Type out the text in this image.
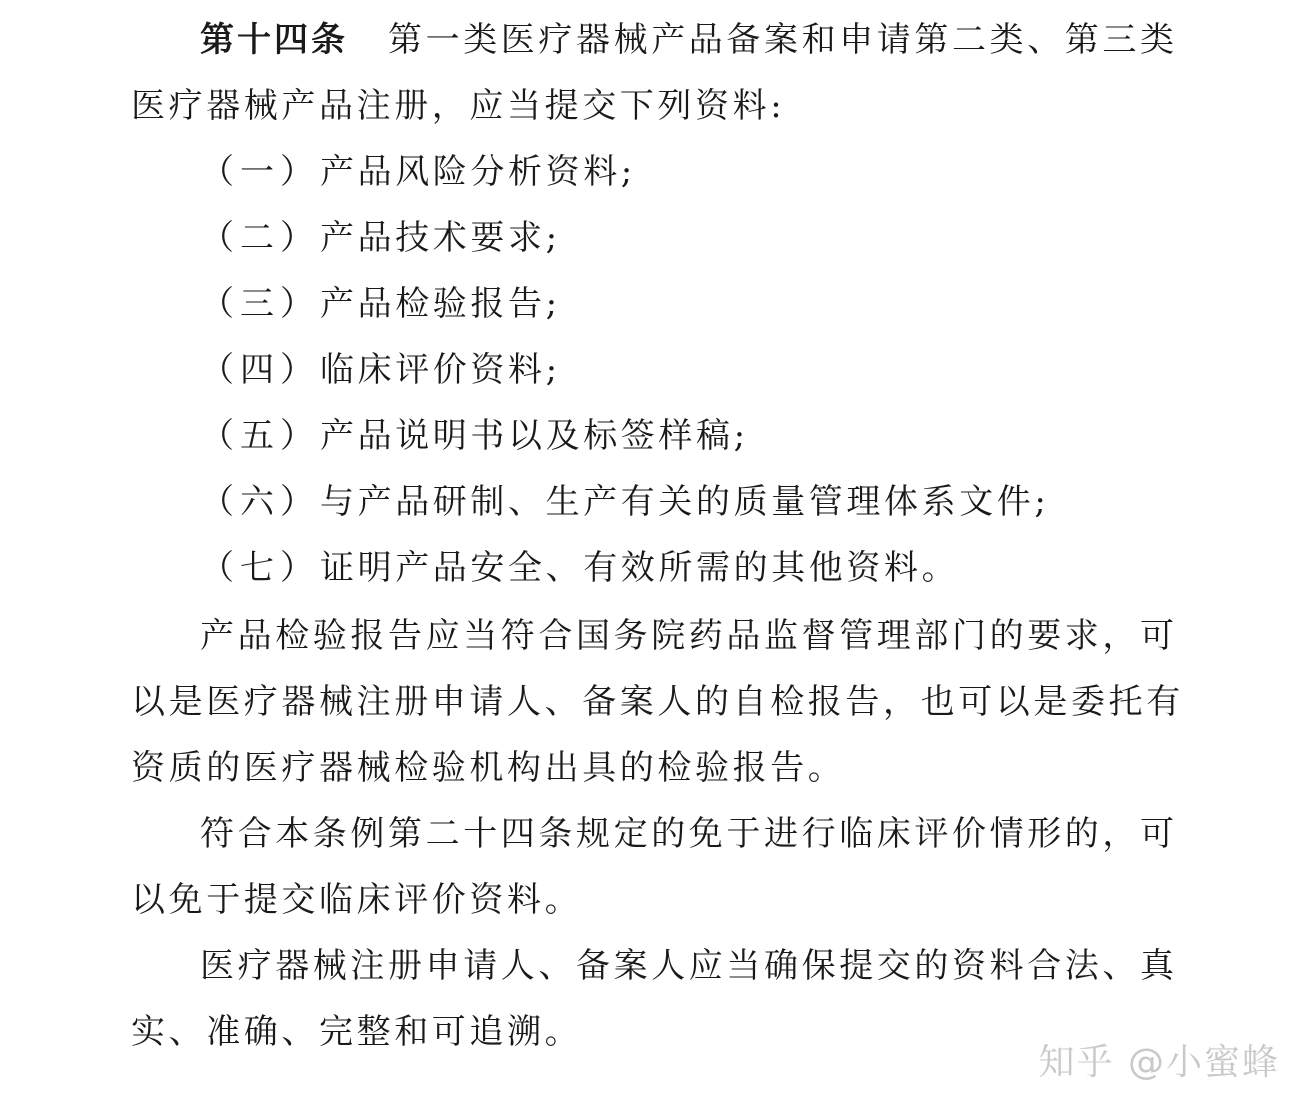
第十四条 第一类医疗器械产品备案和申请第二类、第三类
医疗器械产品注册，应当提交下列资料:
（一）产品风险分析资料;
（二）产品技术要求;
（三）产品检验报告;
（四）临床评价资料;
（五）产品说明书以及标签样稿;
（六）与产品研制、生产有关的质量管理体系文件;
（七）证明产品安全、有效所需的其他资料。
产品检验报告应当符合国务院药品监督管理部门的要求，可
以是医疗器械注册申请人、备案人的自检报告，也可以是委托有
资质的医疗器械检验机构出具的检验报告。
符合本条例第二十四条规定的免于进行临床评价情形的，可
以免于提交临床评价资料。
医疗器械注册申请人、备案人应当确保提交的资料合法、真
实、准确、完整和可追溯。
知乎 @小蜜蜂
